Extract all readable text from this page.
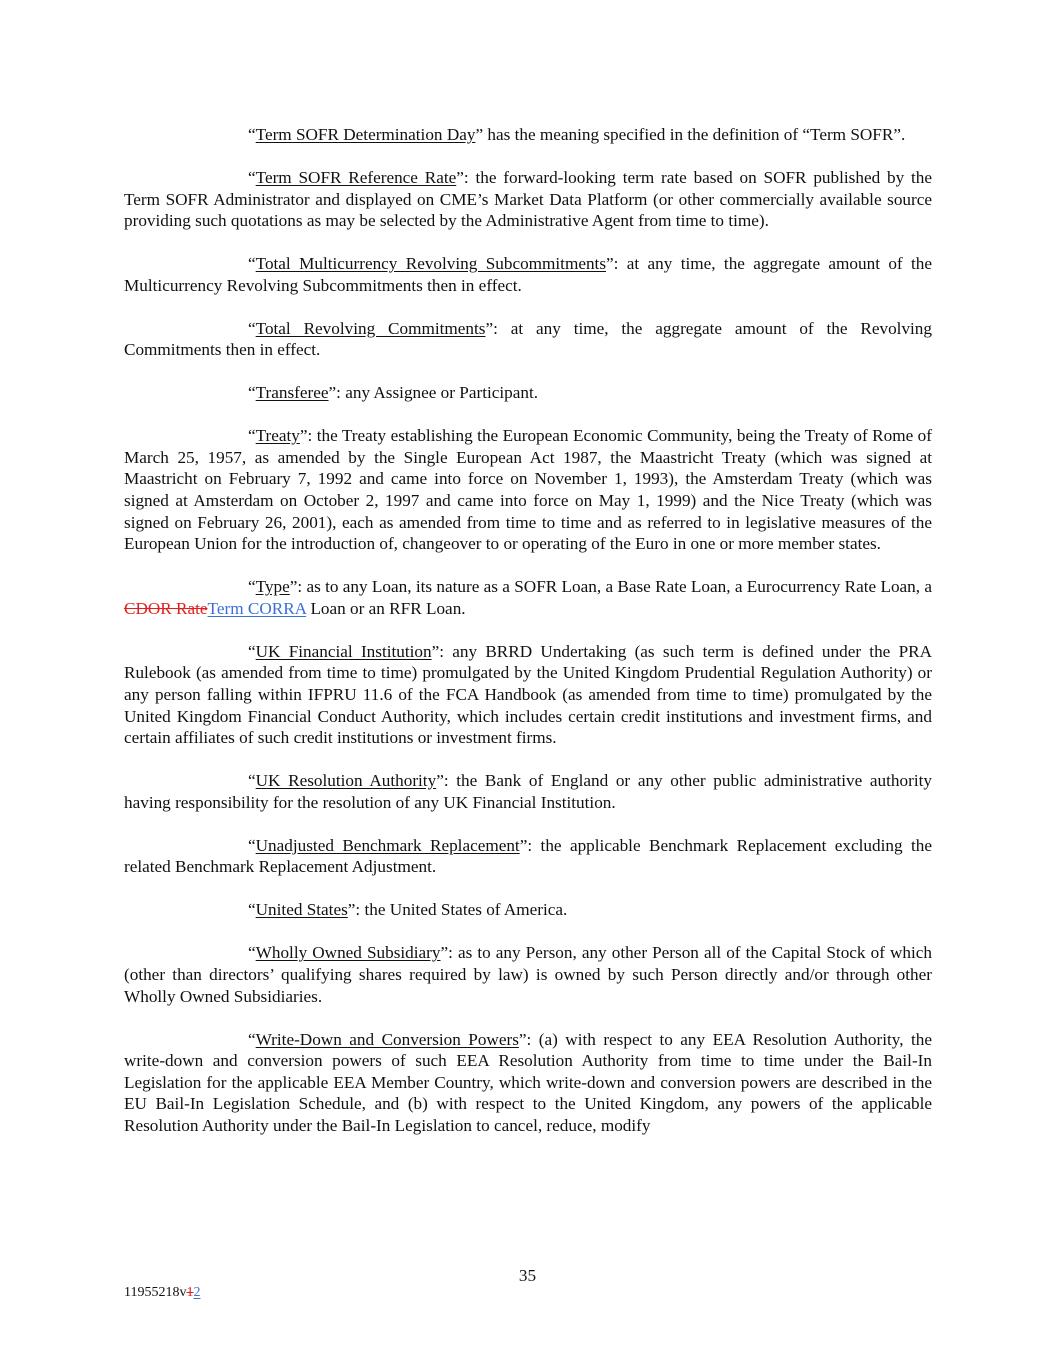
“Term SOFR Determination Day” has the meaning specified in the definition of “Term SOFR”.

“Term SOFR Reference Rate”: the forward-looking term rate based on SOFR published by the Term SOFR Administrator and displayed on CME’s Market Data Platform (or other commercially available source providing such quotations as may be selected by the Administrative Agent from time to time).

“Total Multicurrency Revolving Subcommitments”: at any time, the aggregate amount of the Multicurrency Revolving Subcommitments then in effect.

“Total Revolving Commitments”: at any time, the aggregate amount of the Revolving Commitments then in effect.

“Transferee”: any Assignee or Participant.

“Treaty”: the Treaty establishing the European Economic Community, being the Treaty of Rome of March 25, 1957, as amended by the Single European Act 1987, the Maastricht Treaty (which was signed at Maastricht on February 7, 1992 and came into force on November 1, 1993), the Amsterdam Treaty (which was signed at Amsterdam on October 2, 1997 and came into force on May 1, 1999) and the Nice Treaty (which was signed on February 26, 2001), each as amended from time to time and as referred to in legislative measures of the European Union for the introduction of, changeover to or operating of the Euro in one or more member states.

“Type”: as to any Loan, its nature as a SOFR Loan, a Base Rate Loan, a Eurocurrency Rate Loan, a CDOR RateTerm CORRA Loan or an RFR Loan.

“UK Financial Institution”: any BRRD Undertaking (as such term is defined under the PRA Rulebook (as amended from time to time) promulgated by the United Kingdom Prudential Regulation Authority) or any person falling within IFPRU 11.6 of the FCA Handbook (as amended from time to time) promulgated by the United Kingdom Financial Conduct Authority, which includes certain credit institutions and investment firms, and certain affiliates of such credit institutions or investment firms.

“UK Resolution Authority”: the Bank of England or any other public administrative authority having responsibility for the resolution of any UK Financial Institution.

“Unadjusted Benchmark Replacement”: the applicable Benchmark Replacement excluding the related Benchmark Replacement Adjustment.

“United States”: the United States of America.

“Wholly Owned Subsidiary”: as to any Person, any other Person all of the Capital Stock of which (other than directors’ qualifying shares required by law) is owned by such Person directly and/or through other Wholly Owned Subsidiaries.

“Write-Down and Conversion Powers”: (a) with respect to any EEA Resolution Authority, the write-down and conversion powers of such EEA Resolution Authority from time to time under the Bail-In Legislation for the applicable EEA Member Country, which write-down and conversion powers are described in the EU Bail-In Legislation Schedule, and (b) with respect to the United Kingdom, any powers of the applicable Resolution Authority under the Bail-In Legislation to cancel, reduce, modify

35
11955218v12
